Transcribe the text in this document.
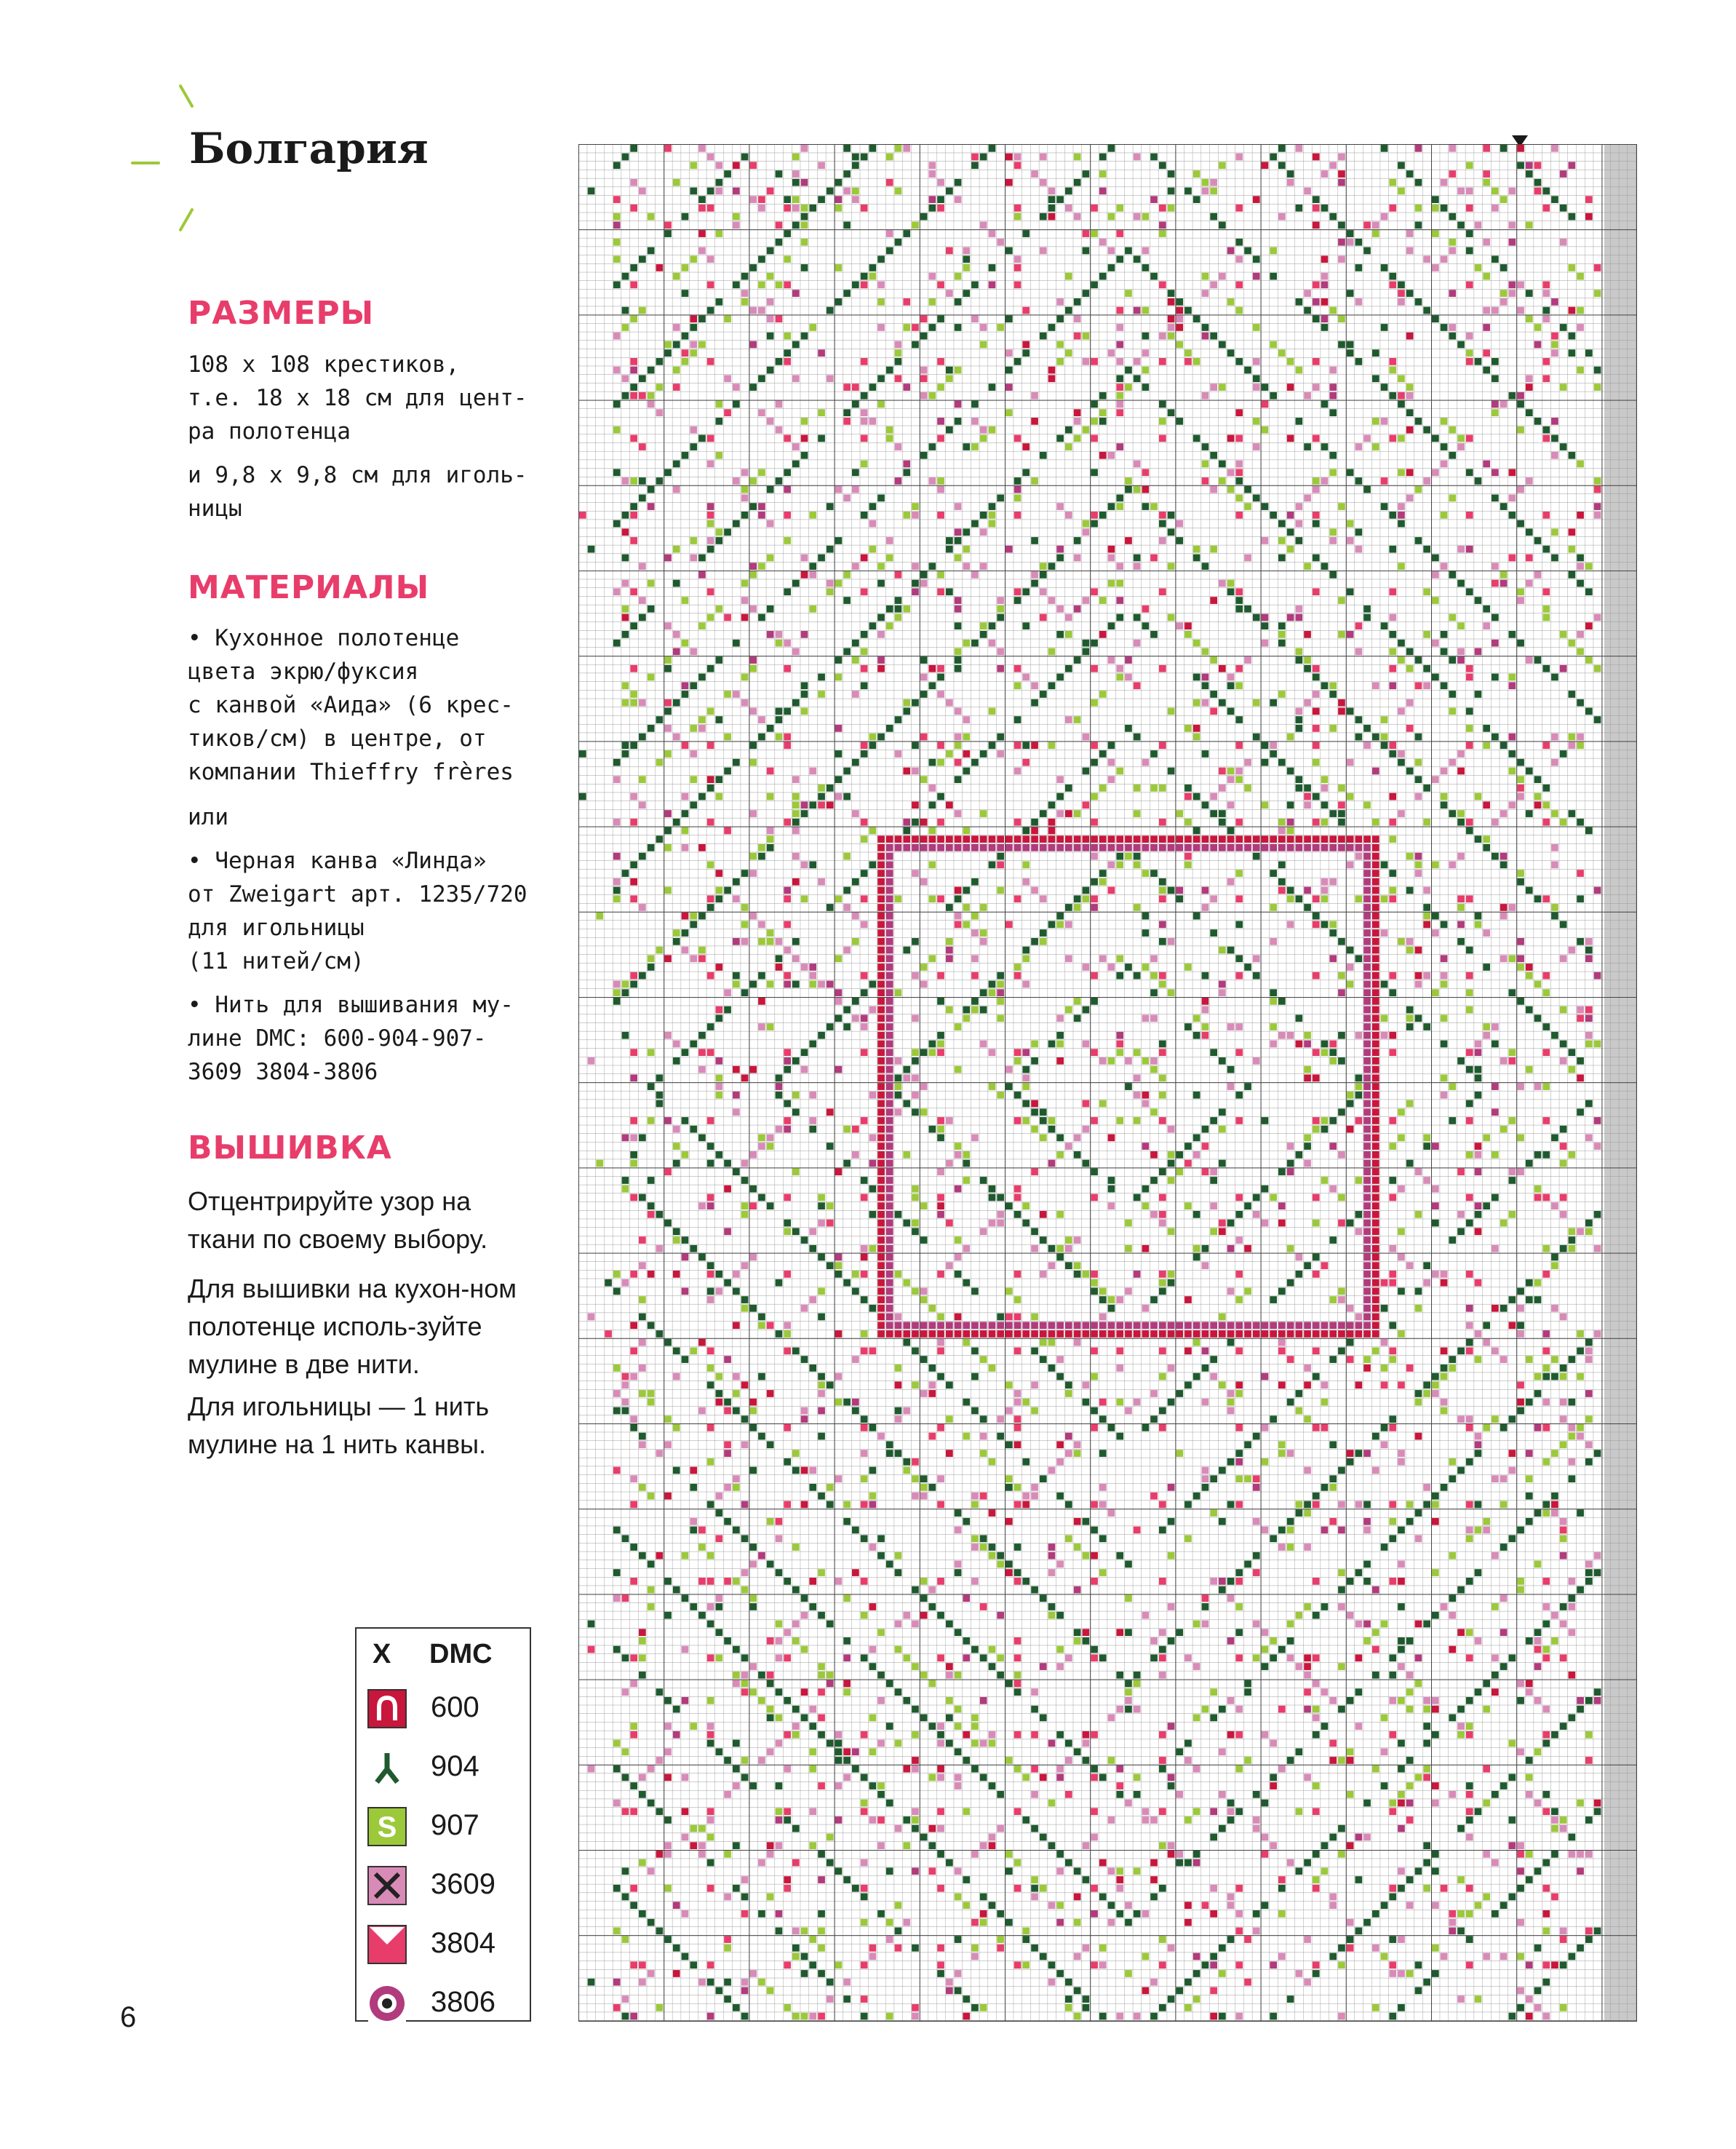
Болгария
РАЗМЕРЫ
108 x 108 крестиков,
т.е. 18 x 18 см для цент-
ра полотенца
и 9,8 x 9,8 см для иголь-
ницы
МАТЕРИАЛЫ
• Кухонное полотенце
цвета экрю/фуксия
с канвой «Аида» (6 крес-
тиков/см) в центре, от
компании Thieffry frères
или
• Черная канва «Линда»
от Zweigart арт. 1235/720
для игольницы
(11 нитей/см)
• Нить для вышивания му-
лине DMC: 600-904-907-
3609 3804-3806
ВЫШИВКА
Отцентрируйте узор на ткани по своему выбору.
Для вышивки на кухон-ном полотенце исполь-зуйте мулине в две нити.
Для игольницы — 1 нить мулине на 1 нить канвы.
6
X DMC
600
904
S 907
3609
3804
3806
